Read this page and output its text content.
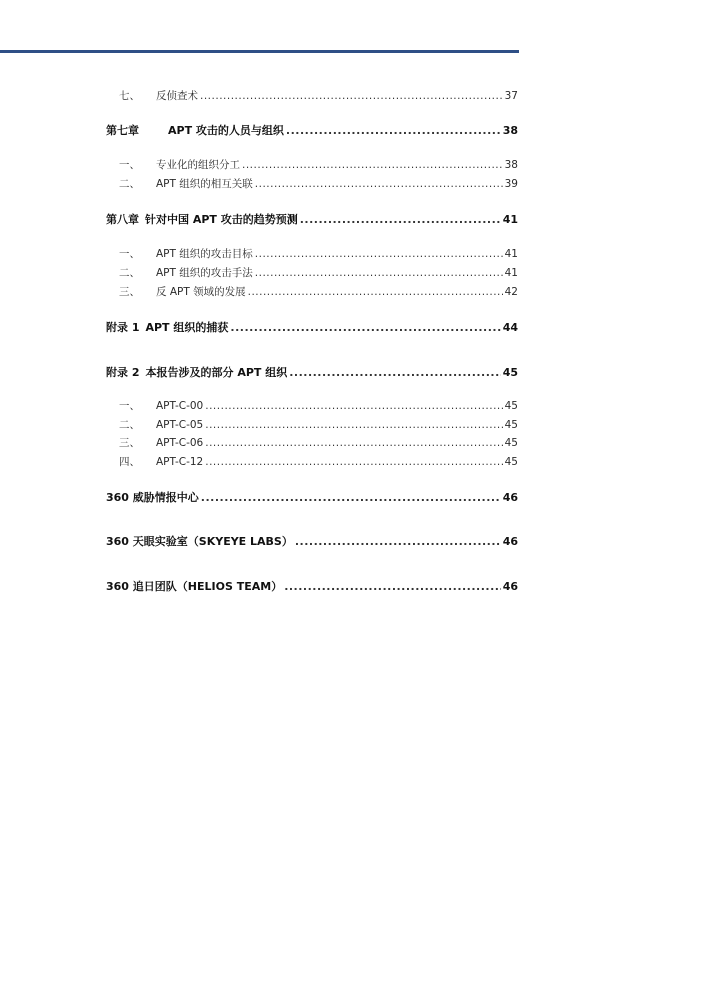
七、	反侦查术 .....	37
第七章	APT 攻击的人员与组织 .....	38
一、	专业化的组织分工 .....	38
二、	APT 组织的相互关联 .....	39
第八章 针对中国 APT 攻击的趋势预测 .....	41
一、	APT 组织的攻击目标 .....	41
二、	APT 组织的攻击手法 .....	41
三、	反 APT 领域的发展 .....	42
附录 1 APT 组织的捕获 .....	44
附录 2 本报告涉及的部分 APT 组织 .....	45
一、	APT-C-00 .....	45
二、	APT-C-05 .....	45
三、	APT-C-06 .....	45
四、	APT-C-12 .....	45
360 威胁情报中心 .....	46
360 天眼实验室（SKYEYE LABS） .....	46
360 追日团队（HELIOS TEAM） .....	46
